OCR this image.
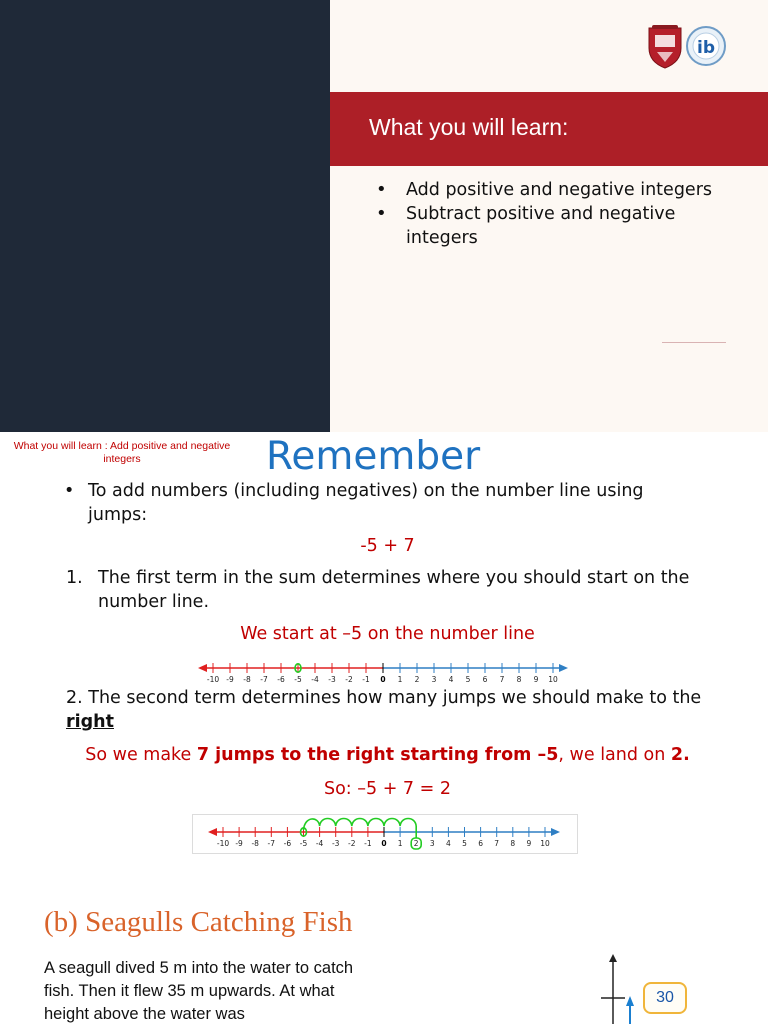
ib
What you will learn:
• Add positive and negative integers
• Subtract positive and negative integers
What you will learn : Add positive and negative integers	Remember
• To add numbers (including negatives) on the number line using jumps:
-5 + 7
1. The first term in the sum determines where you should start on the number line.
We start at –5 on the number line
-10 -9 -8 -7 -6 -5 -4 -3 -2 -1 0 1 2 3 4 5 6 7 8 9 10
2. The second term determines how many jumps we should make to the right
So we make 7 jumps to the right starting from –5, we land on 2.
So: –5 + 7 = 2
-10 -9 -8 -7 -6 -5 -4 -3 -2 -1 0 1 2 3 4 5 6 7 8 9 10
(b) Seagulls Catching Fish
A seagull dived 5 m into the water to catch fish. Then it flew 35 m upwards. At what height above the water was
30
